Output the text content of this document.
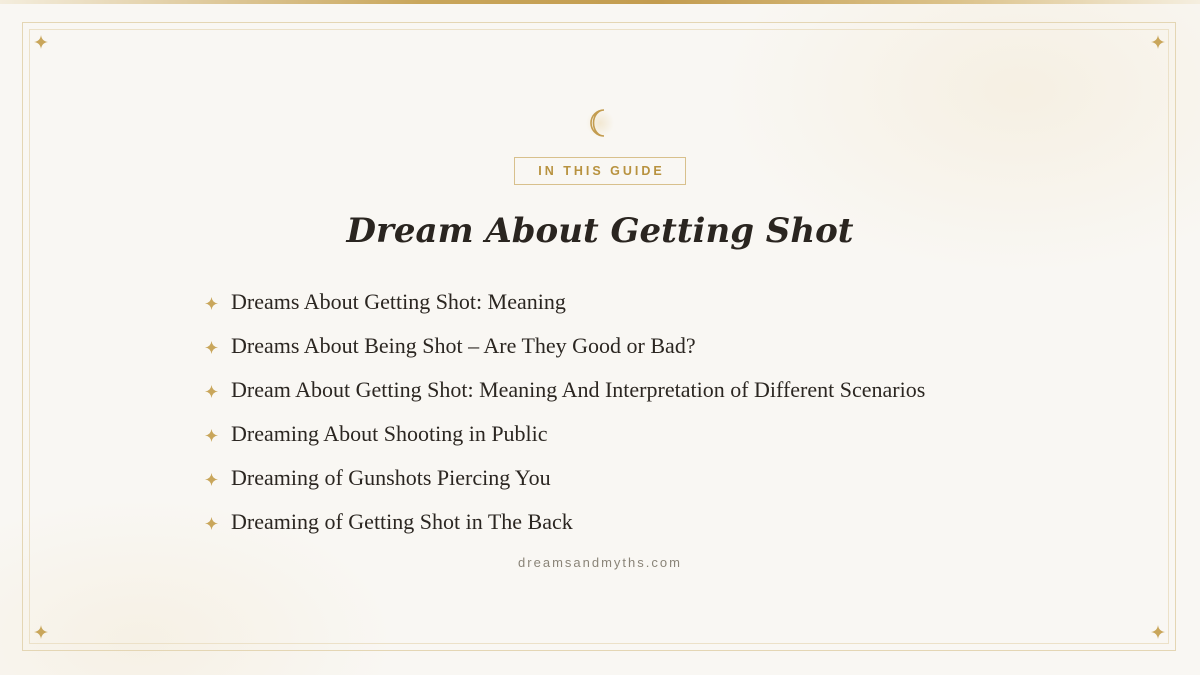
IN THIS GUIDE
Dream About Getting Shot
Dreams About Getting Shot: Meaning
Dreams About Being Shot – Are They Good or Bad?
Dream About Getting Shot: Meaning And Interpretation of Different Scenarios
Dreaming About Shooting in Public
Dreaming of Gunshots Piercing You
Dreaming of Getting Shot in The Back
dreamsandmyths.com
